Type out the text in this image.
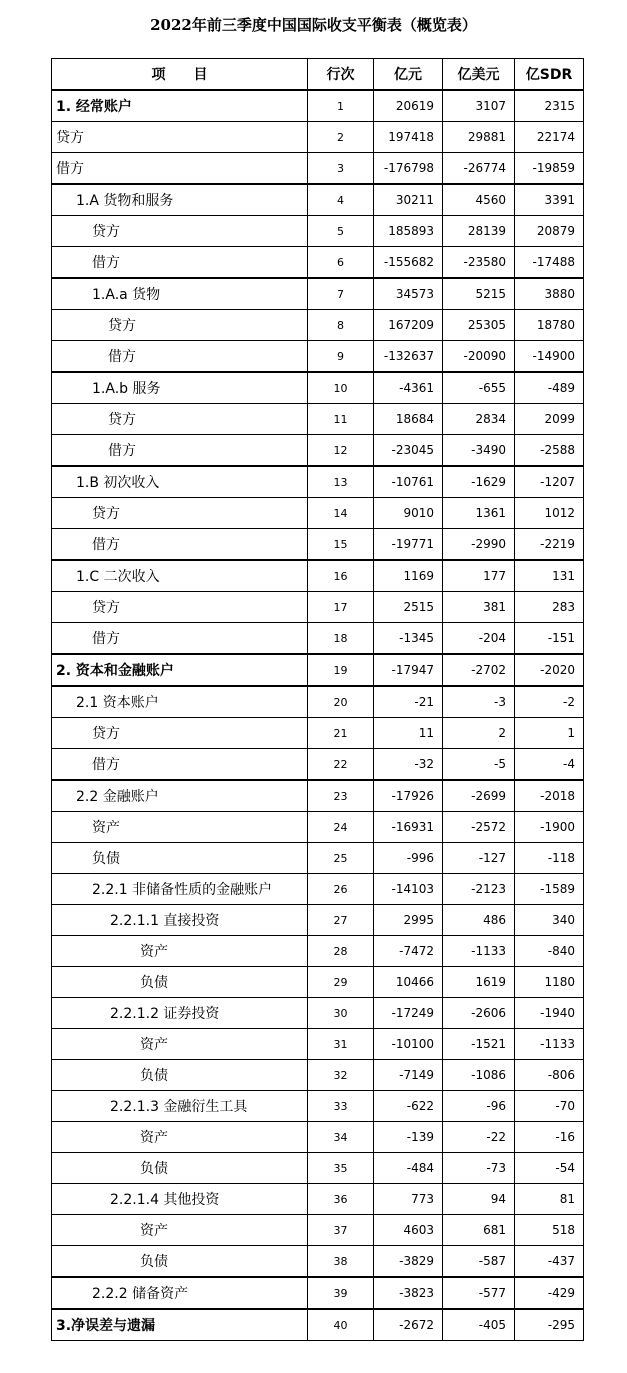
2022年前三季度中国国际收支平衡表（概览表）
项　　目	行次	亿元	亿美元	亿SDR
1. 经常账户	1	20619	3107	2315
贷方	2	197418	29881	22174
借方	3	-176798	-26774	-19859
1.A 货物和服务	4	30211	4560	3391
贷方	5	185893	28139	20879
借方	6	-155682	-23580	-17488
1.A.a 货物	7	34573	5215	3880
贷方	8	167209	25305	18780
借方	9	-132637	-20090	-14900
1.A.b 服务	10	-4361	-655	-489
贷方	11	18684	2834	2099
借方	12	-23045	-3490	-2588
1.B 初次收入	13	-10761	-1629	-1207
贷方	14	9010	1361	1012
借方	15	-19771	-2990	-2219
1.C 二次收入	16	1169	177	131
贷方	17	2515	381	283
借方	18	-1345	-204	-151
2. 资本和金融账户	19	-17947	-2702	-2020
2.1 资本账户	20	-21	-3	-2
贷方	21	11	2	1
借方	22	-32	-5	-4
2.2 金融账户	23	-17926	-2699	-2018
资产	24	-16931	-2572	-1900
负债	25	-996	-127	-118
2.2.1 非储备性质的金融账户	26	-14103	-2123	-1589
2.2.1.1 直接投资	27	2995	486	340
资产	28	-7472	-1133	-840
负债	29	10466	1619	1180
2.2.1.2 证券投资	30	-17249	-2606	-1940
资产	31	-10100	-1521	-1133
负债	32	-7149	-1086	-806
2.2.1.3 金融衍生工具	33	-622	-96	-70
资产	34	-139	-22	-16
负债	35	-484	-73	-54
2.2.1.4 其他投资	36	773	94	81
资产	37	4603	681	518
负债	38	-3829	-587	-437
2.2.2 储备资产	39	-3823	-577	-429
3.净误差与遗漏	40	-2672	-405	-295
